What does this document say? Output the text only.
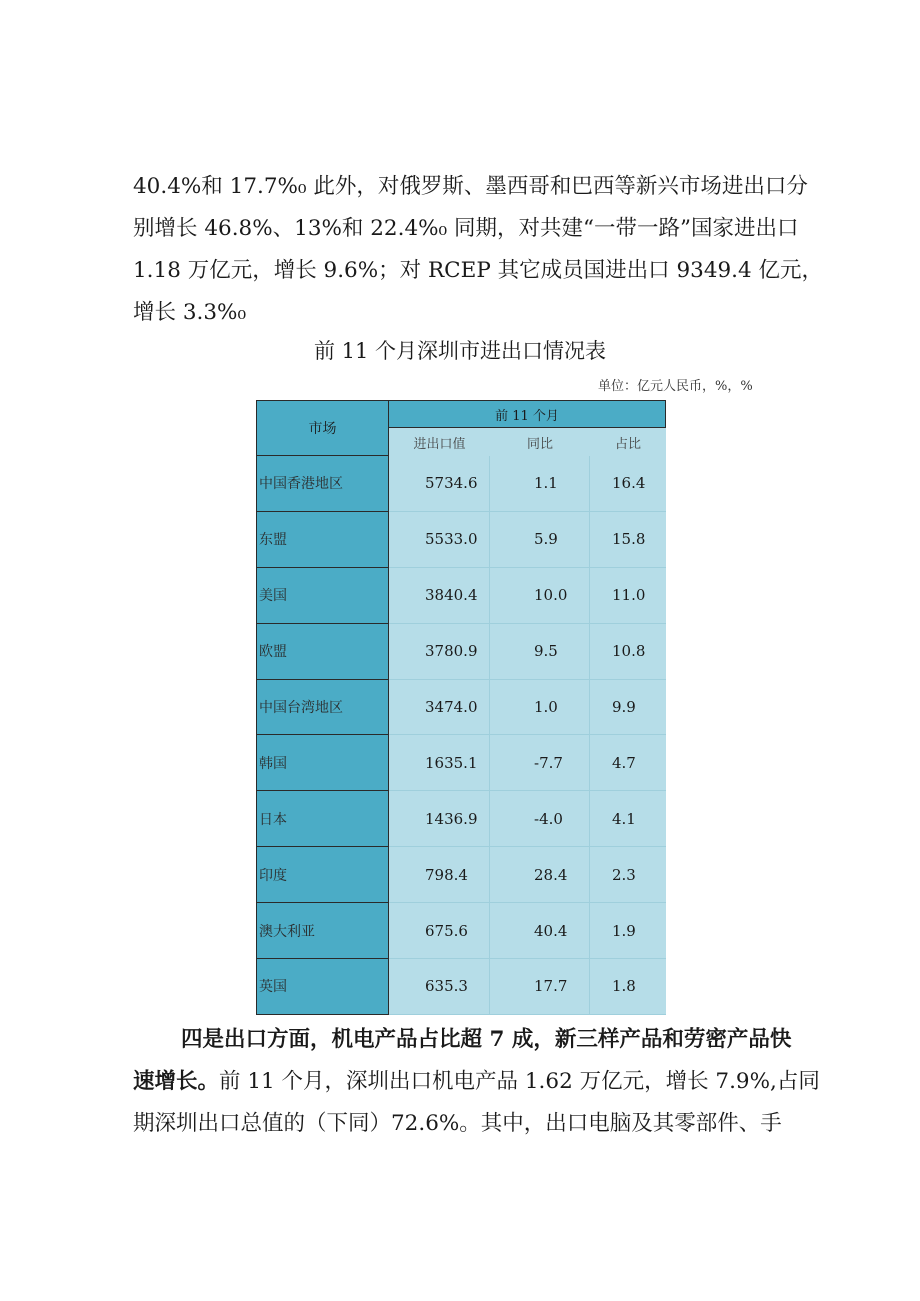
40.4%和 17.7%₀ 此外，对俄罗斯、墨西哥和巴西等新兴市场进出口分
别增长 46.8%、13%和 22.4%₀ 同期，对共建“一带一路”国家进出口
1.18 万亿元，增长 9.6%；对 RCEP 其它成员国进出口 9349.4 亿元，
增长 3.3%₀
前 11 个月深圳市进出口情况表
单位：亿元人民币，%，%
市场
前 11 个月
进出口值	同比	占比
中国香港地区	5734.6	1.1	16.4
东盟	5533.0	5.9	15.8
美国	3840.4	10.0	11.0
欧盟	3780.9	9.5	10.8
中国台湾地区	3474.0	1.0	9.9
韩国	1635.1	-7.7	4.7
日本	1436.9	-4.0	4.1
印度	798.4	28.4	2.3
澳大利亚	675.6	40.4	1.9
英国	635.3	17.7	1.8
四是出口方面，机电产品占比超 7 成，新三样产品和劳密产品快
速增长。前 11 个月，深圳出口机电产品 1.62 万亿元，增长 7.9%,占同
期深圳出口总值的（下同）72.6%。其中，出口电脑及其零部件、手
